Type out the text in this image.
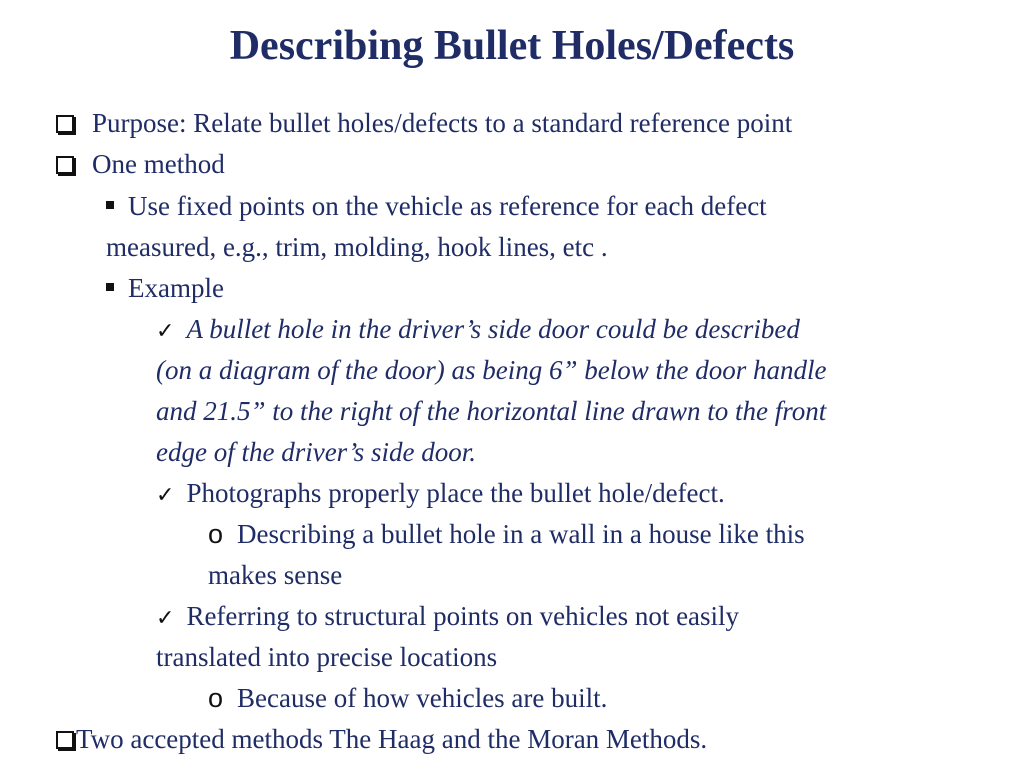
Describing Bullet Holes/Defects
Purpose: Relate bullet holes/defects to a standard reference point
One method
Use fixed points on the vehicle as reference for each defect
measured, e.g., trim, molding, hook lines, etc .
Example
✓ A bullet hole in the driver’s side door could be described
(on a diagram of the door) as being 6” below the door handle
and 21.5” to the right of the horizontal line drawn to the front
edge of the driver’s side door.
✓ Photographs properly place the bullet hole/defect.
o Describing a bullet hole in a wall in a house like this
makes sense
✓ Referring to structural points on vehicles not easily
translated into precise locations
o Because of how vehicles are built.
Two accepted methods The Haag and the Moran Methods.
